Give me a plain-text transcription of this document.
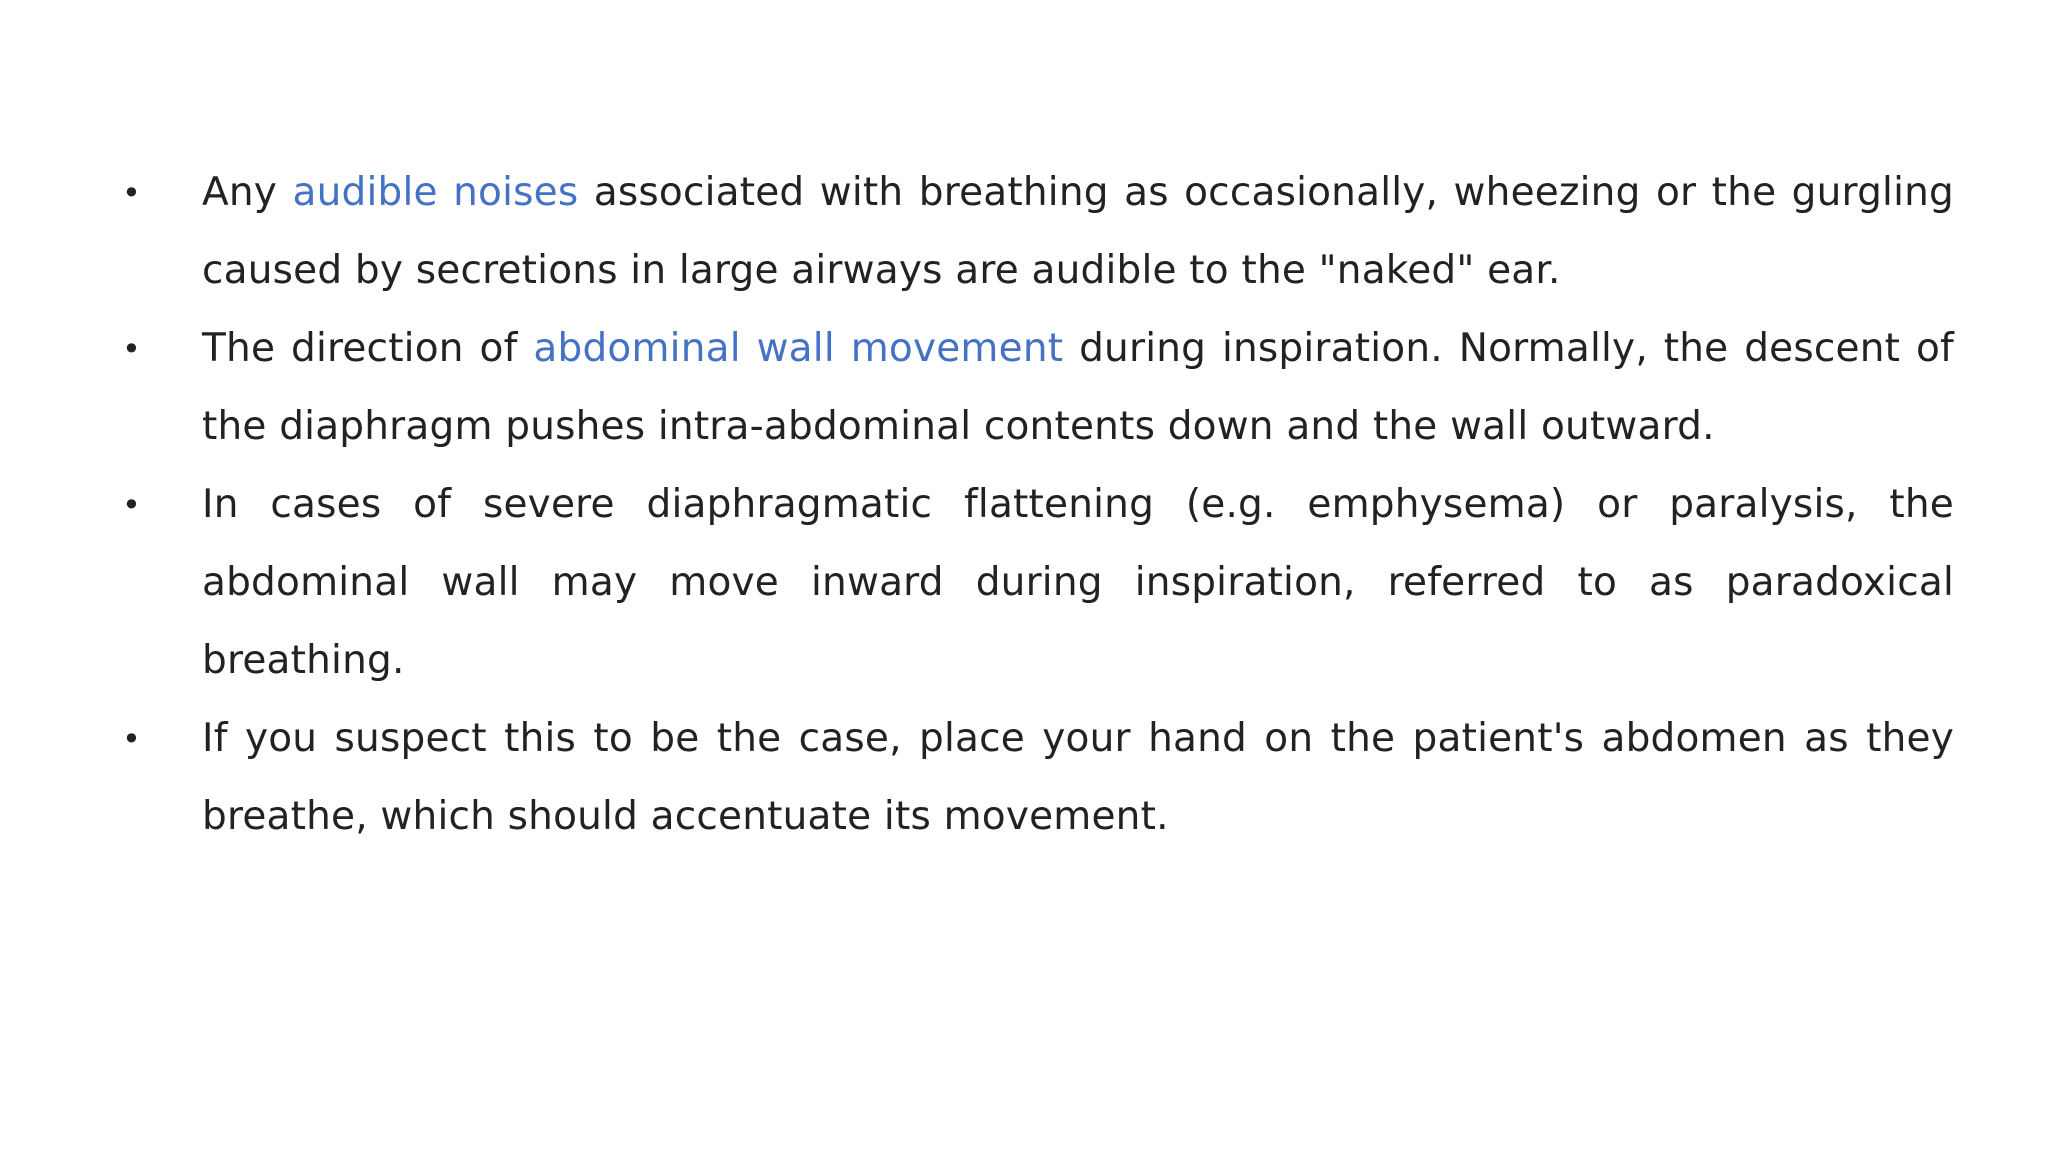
• Any audible noises associated with breathing as occasionally, wheezing or the gurgling caused by secretions in large airways are audible to the "naked" ear.
• The direction of abdominal wall movement during inspiration. Normally, the descent of the diaphragm pushes intra-abdominal contents down and the wall outward.
• In cases of severe diaphragmatic flattening (e.g. emphysema) or paralysis, the abdominal wall may move inward during inspiration, referred to as paradoxical breathing.
• If you suspect this to be the case, place your hand on the patient's abdomen as they breathe, which should accentuate its movement.
